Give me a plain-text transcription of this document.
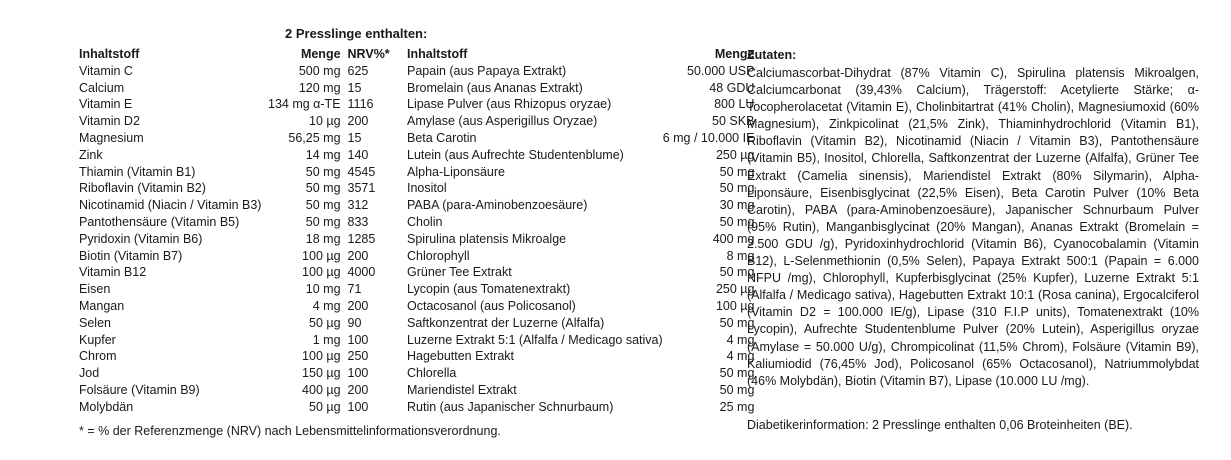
2 Presslinge enthalten:
Inhaltstoff	Menge	NRV%*
Vitamin C	500 mg	625
Calcium	120 mg	15
Vitamin E	134 mg α-TE	1116
Vitamin D2	10 µg	200
Magnesium	56,25 mg	15
Zink	14 mg	140
Thiamin (Vitamin B1)	50 mg	4545
Riboflavin (Vitamin B2)	50 mg	3571
Nicotinamid (Niacin / Vitamin B3)	50 mg	312
Pantothensäure (Vitamin B5)	50 mg	833
Pyridoxin (Vitamin B6)	18 mg	1285
Biotin (Vitamin B7)	100 µg	200
Vitamin B12	100 µg	4000
Eisen	10 mg	71
Mangan	4 mg	200
Selen	50 µg	90
Kupfer	1 mg	100
Chrom	100 µg	250
Jod	150 µg	100
Folsäure (Vitamin B9)	400 µg	200
Molybdän	50 µg	100
Inhaltstoff	Menge
Papain (aus Papaya Extrakt)	50.000 USP
Bromelain (aus Ananas Extrakt)	48 GDU
Lipase Pulver (aus Rhizopus oryzae)	800 LU
Amylase (aus Asperigillus Oryzae)	50 SKB
Beta Carotin	6 mg / 10.000 IE
Lutein (aus Aufrechte Studentenblume)	250 µg
Alpha-Liponsäure	50 mg
Inositol	50 mg
PABA (para-Aminobenzoesäure)	30 mg
Cholin	50 mg
Spirulina platensis Mikroalge	400 mg
Chlorophyll	8 mg
Grüner Tee Extrakt	50 mg
Lycopin (aus Tomatenextrakt)	250 µg
Octacosanol (aus Policosanol)	100 µg
Saftkonzentrat der Luzerne (Alfalfa)	50 mg
Luzerne Extrakt 5:1 (Alfalfa / Medicago sativa)	4 mg
Hagebutten Extrakt	4 mg
Chlorella	50 mg
Mariendistel Extrakt	50 mg
Rutin (aus Japanischer Schnurbaum)	25 mg
* = % der Referenzmenge (NRV) nach Lebensmittelinformationsverordnung.
Zutaten:
Calciumascorbat-Dihydrat (87% Vitamin C), Spirulina platensis Mikroalgen, Calciumcarbonat (39,43% Calcium), Trägerstoff: Acetylierte Stärke; α-Tocopherolacetat (Vitamin E), Cholinbitartrat (41% Cholin), Magnesiumoxid (60% Magnesium), Zinkpicolinat (21,5% Zink), Thiaminhydrochlorid (Vitamin B1), Riboflavin (Vitamin B2), Nicotinamid (Niacin / Vitamin B3), Pantothensäure (Vitamin B5), Inositol, Chlorella, Saftkonzentrat der Luzerne (Alfalfa), Grüner Tee Extrakt (Camelia sinensis), Mariendistel Extrakt (80% Silymarin), Alpha-Liponsäure, Eisenbisglycinat (22,5% Eisen), Beta Carotin Pulver (10% Beta Carotin), PABA (para-Aminobenzoesäure), Japanischer Schnurbaum Pulver (95% Rutin), Manganbisglycinat (20% Mangan), Ananas Extrakt (Bromelain = 2.500 GDU /g), Pyridoxinhydrochlorid (Vitamin B6), Cyanocobalamin (Vitamin B12), L-Selenmethionin (0,5% Selen), Papaya Extrakt 500:1 (Papain = 6.000 NFPU /mg), Chlorophyll, Kupferbisglycinat (25% Kupfer), Luzerne Extrakt 5:1 (Alfalfa / Medicago sativa), Hagebutten Extrakt 10:1 (Rosa canina), Ergocalciferol (Vitamin D2 = 100.000 IE/g), Lipase (310 F.I.P units), Tomatenextrakt (10% Lycopin), Aufrechte Studentenblume Pulver (20% Lutein), Asperigillus oryzae (Amylase = 50.000 U/g), Chrompicolinat (11,5% Chrom), Folsäure (Vitamin B9), Kaliumiodid (76,45% Jod), Policosanol (65% Octacosanol), Natriummolybdat (46% Molybdän), Biotin (Vitamin B7), Lipase (10.000 LU /mg).
Diabetikerinformation: 2 Presslinge enthalten 0,06 Broteinheiten (BE).
